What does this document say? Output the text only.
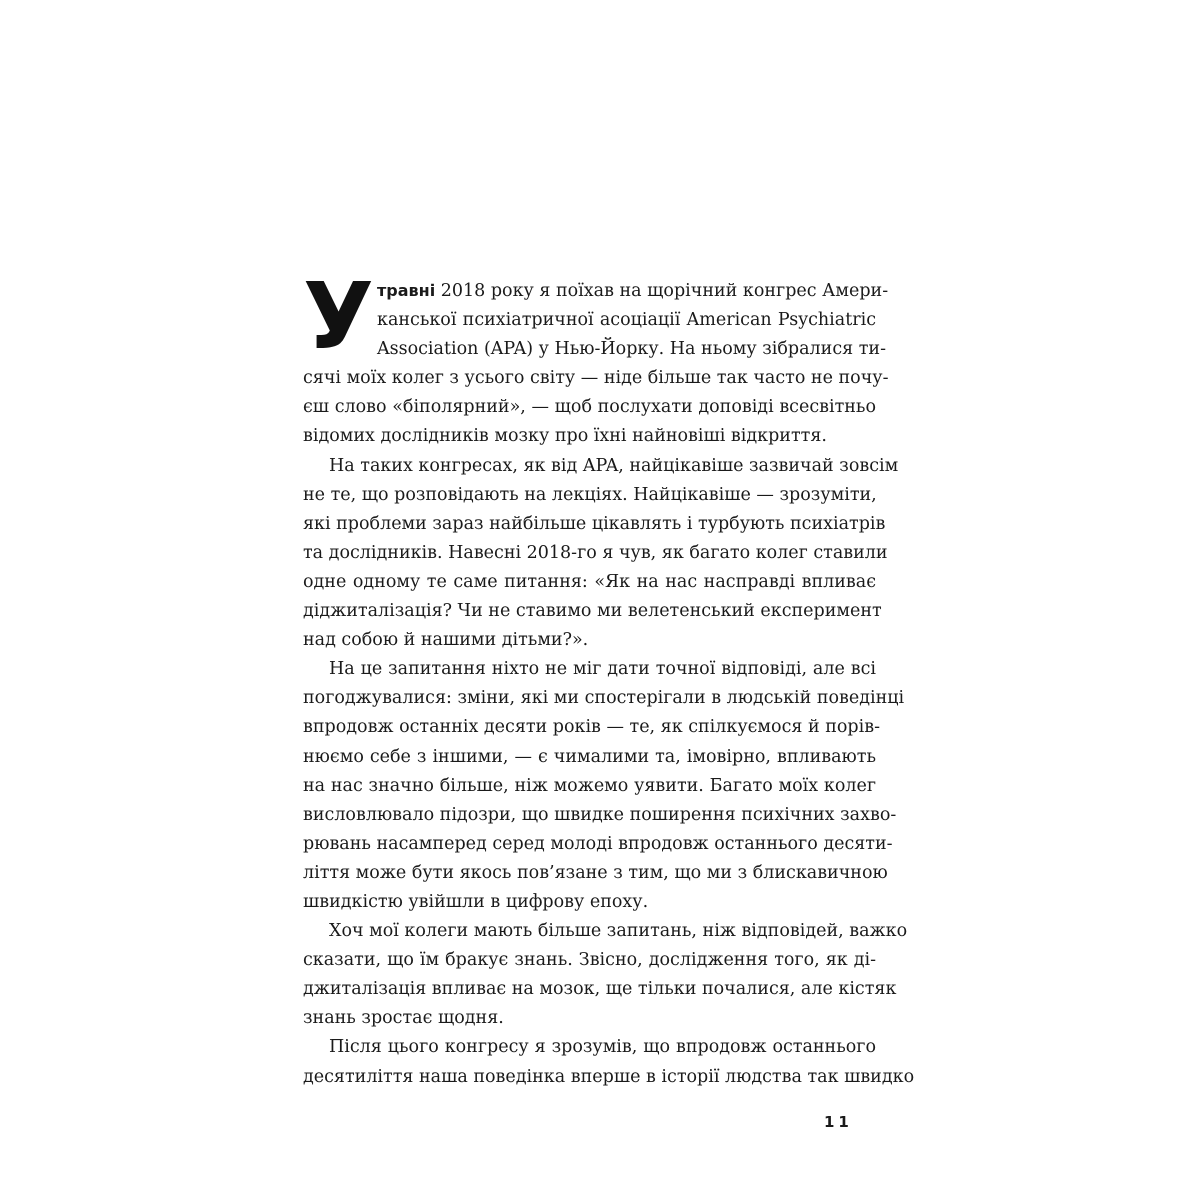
У травні 2018 року я поїхав на щорічний конгрес Амери-
канської психіатричної асоціації American Psychiatric
Association (APA) у Нью-Йорку. На ньому зібралися ти-
сячі моїх колег з усього світу — ніде більше так часто не почу-
єш слово «біполярний», — щоб послухати доповіді всесвітньо
відомих дослідників мозку про їхні найновіші відкриття.
На таких конгресах, як від APA, найцікавіше зазвичай зовсім
не те, що розповідають на лекціях. Найцікавіше — зрозуміти,
які проблеми зараз найбільше цікавлять і турбують психіатрів
та дослідників. Навесні 2018-го я чув, як багато колег ставили
одне одному те саме питання: «Як на нас насправді впливає
діджиталізація? Чи не ставимо ми велетенський експеримент
над собою й нашими дітьми?».
На це запитання ніхто не міг дати точної відповіді, але всі
погоджувалися: зміни, які ми спостерігали в людській поведінці
впродовж останніх десяти років — те, як спілкуємося й порів-
нюємо себе з іншими, — є чималими та, імовірно, впливають
на нас значно більше, ніж можемо уявити. Багато моїх колег
висловлювало підозри, що швидке поширення психічних захво-
рювань насамперед серед молоді впродовж останнього десяти-
ліття може бути якось пов’язане з тим, що ми з блискавичною
швидкістю увійшли в цифрову епоху.
Хоч мої колеги мають більше запитань, ніж відповідей, важко
сказати, що їм бракує знань. Звісно, дослідження того, як ді-
джиталізація впливає на мозок, ще тільки почалися, але кістяк
знань зростає щодня.
Після цього конгресу я зрозумів, що впродовж останнього
десятиліття наша поведінка вперше в історії людства так швидко
11
